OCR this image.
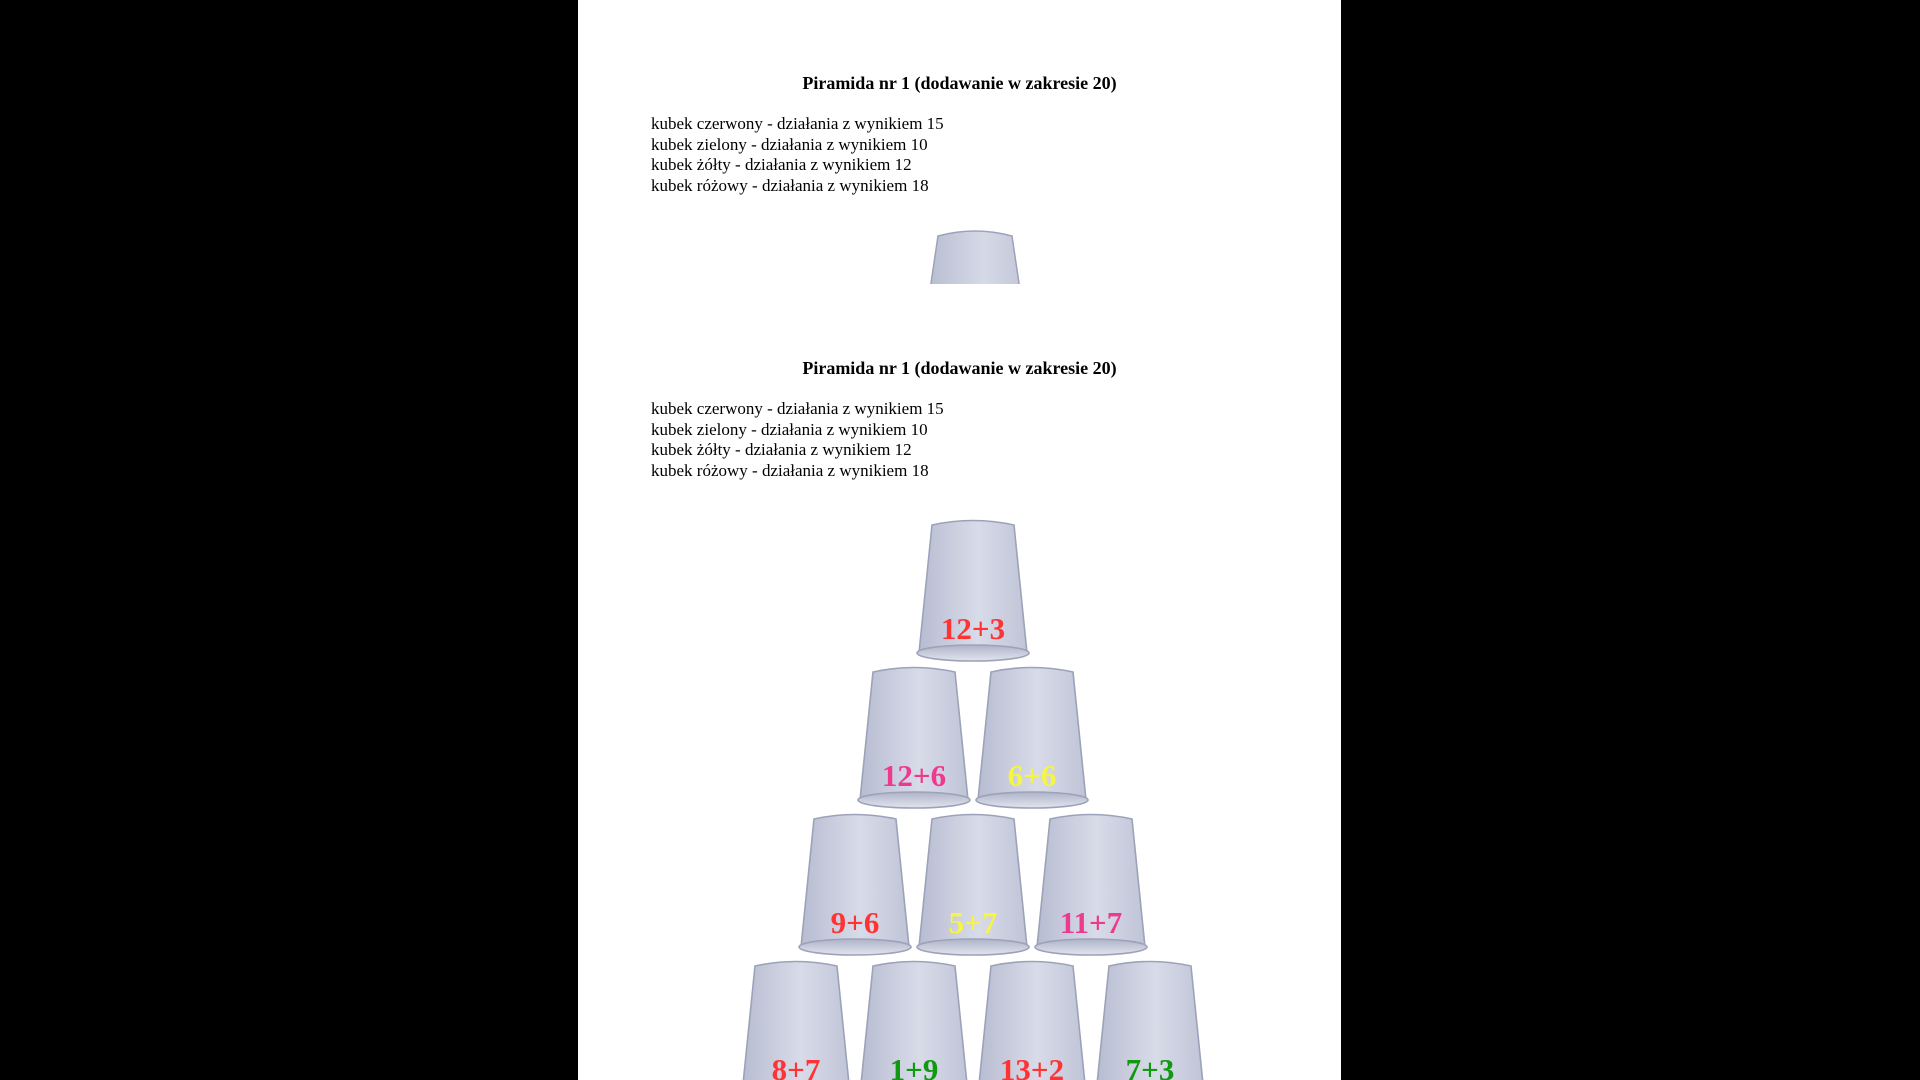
Piramida nr 1 (dodawanie w zakresie 20)
kubek czerwony - działania z wynikiem 15
kubek zielony - działania z wynikiem 10
kubek żółty - działania z wynikiem 12
kubek różowy - działania z wynikiem 18
Piramida nr 1 (dodawanie w zakresie 20)
kubek czerwony - działania z wynikiem 15
kubek zielony - działania z wynikiem 10
kubek żółty - działania z wynikiem 12
kubek różowy - działania z wynikiem 18
12+3
12+6	6+6
9+6	5+7	11+7
8+7	1+9	13+2	7+3
